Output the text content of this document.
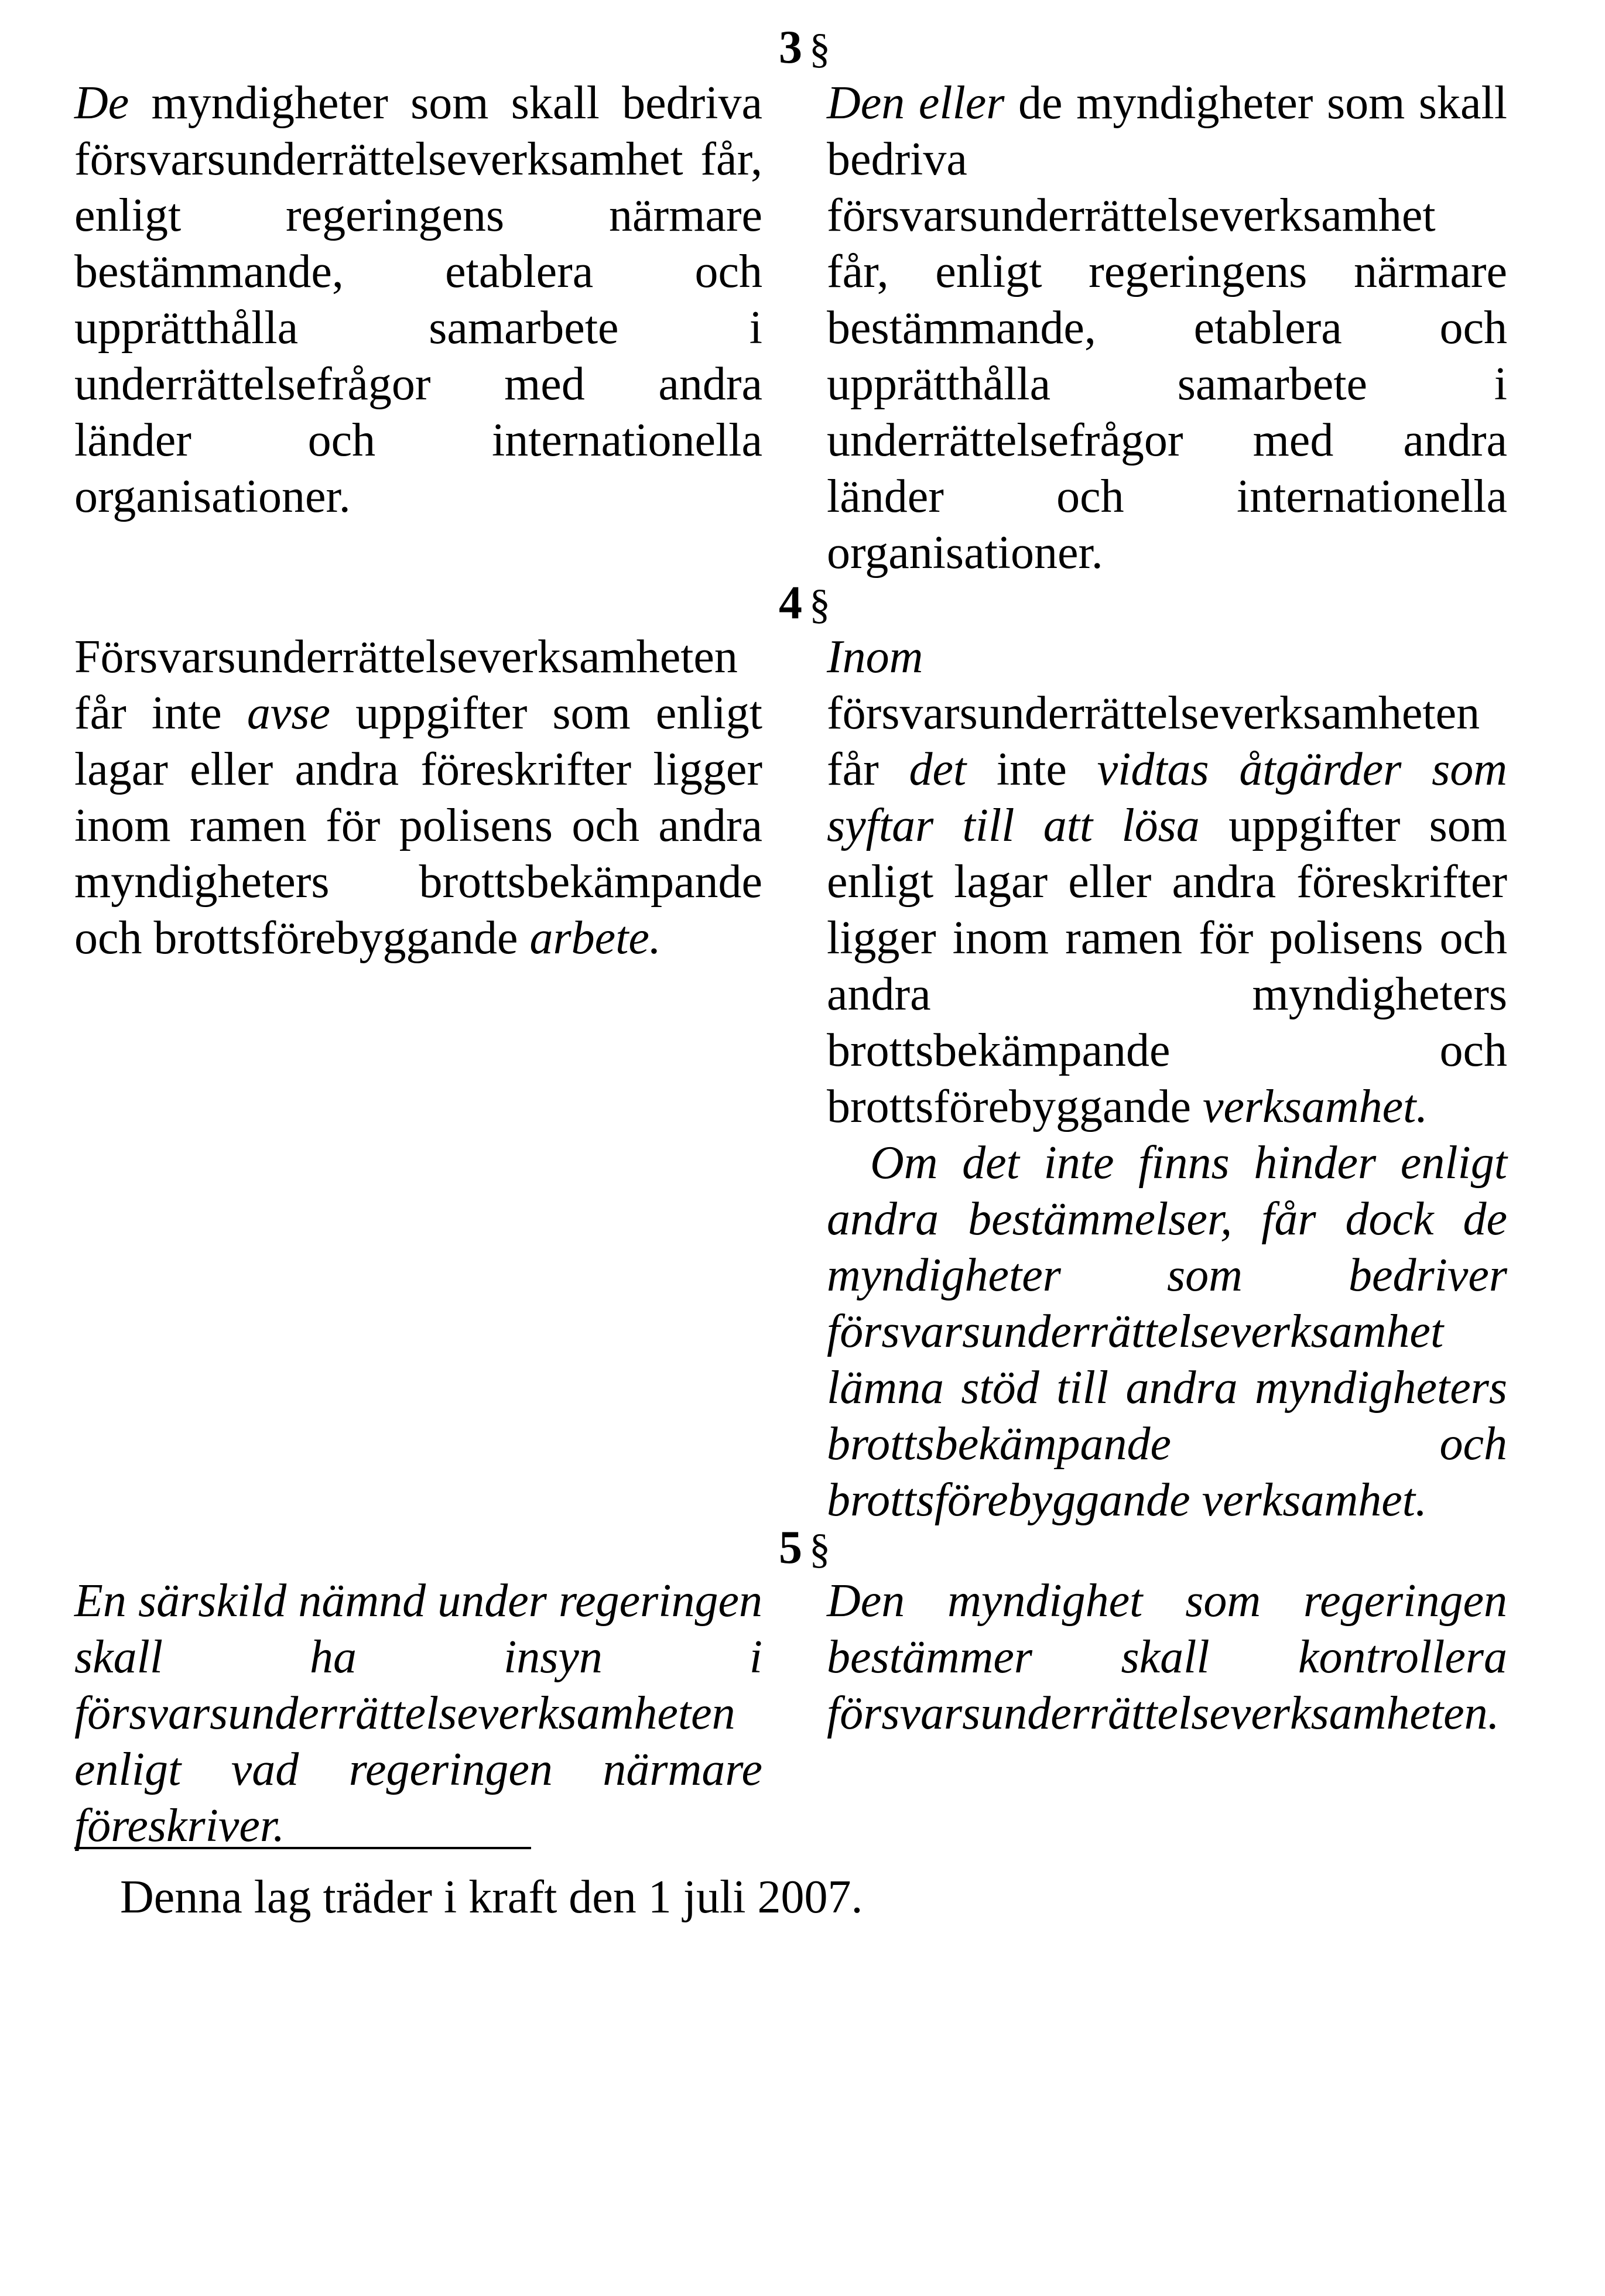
3 §
De myndigheter som skall bedriva försvarsunderrättelseverksamhet får, enligt regeringens närmare bestämmande, etablera och upprätthålla samarbete i underrättelsefrågor med andra länder och internationella organisationer.
Den eller de myndigheter som skall bedriva försvarsunderrättelseverksamhet får, enligt regeringens närmare bestämmande, etablera och upprätthålla samarbete i underrättelsefrågor med andra länder och internationella organisationer.
4 §
Försvarsunderrättelseverksamheten får inte avse uppgifter som enligt lagar eller andra föreskrifter ligger inom ramen för polisens och andra myndigheters brottsbekämpande och brottsförebyggande arbete.
Inom försvarsunderrättelseverksamheten får det inte vidtas åtgärder som syftar till att lösa uppgifter som enligt lagar eller andra föreskrifter ligger inom ramen för polisens och andra myndigheters brottsbekämpande och brottsförebyggande verksamhet.
Om det inte finns hinder enligt andra bestämmelser, får dock de myndigheter som bedriver försvarsunderrättelseverksamhet lämna stöd till andra myndigheters brottsbekämpande och brottsförebyggande verksamhet.
5 §
En särskild nämnd under regeringen skall ha insyn i försvarsunderrättelseverksamheten enligt vad regeringen närmare föreskriver.
Den myndighet som regeringen bestämmer skall kontrollera försvarsunderrättelseverksamheten.
Denna lag träder i kraft den 1 juli 2007.
